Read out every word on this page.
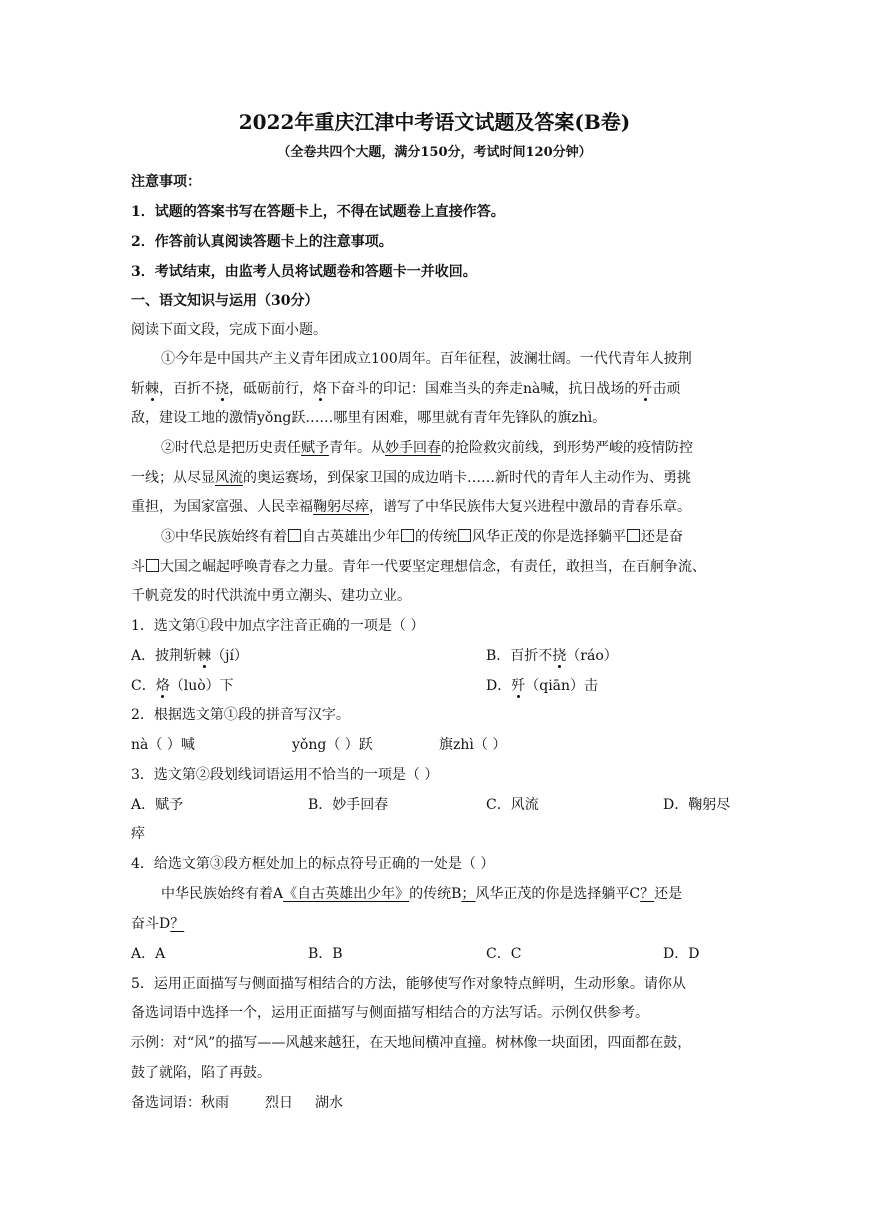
2022年重庆江津中考语文试题及答案(B卷)
（全卷共四个大题，满分150分，考试时间120分钟）
注意事项：
1．试题的答案书写在答题卡上，不得在试题卷上直接作答。
2．作答前认真阅读答题卡上的注意事项。
3．考试结束，由监考人员将试题卷和答题卡一并收回。
一、语文知识与运用（30分）
阅读下面文段，完成下面小题。
①今年是中国共产主义青年团成立100周年。百年征程，波澜壮阔。一代代青年人披荆
斩棘，百折不挠，砥砺前行，烙下奋斗的印记：国难当头的奔走nà喊，抗日战场的歼击顽
敌，建设工地的激情yǒng跃……哪里有困难，哪里就有青年先锋队的旗zhì。
②时代总是把历史责任赋予青年。从妙手回春的抢险救灾前线，到形势严峻的疫情防控
一线；从尽显风流的奥运赛场，到保家卫国的成边哨卡……新时代的青年人主动作为、勇挑
重担，为国家富强、人民幸福鞠躬尽瘁，谱写了中华民族伟大复兴进程中激昂的青春乐章。
③中华民族始终有着 自古英雄出少年 的传统 风华正茂的你是选择躺平 还是奋
斗 大国之崛起呼唤青春之力量。青年一代要坚定理想信念，有责任，敢担当，在百舸争流、
千帆竞发的时代洪流中勇立潮头、建功立业。
1．选文第①段中加点字注音正确的一项是（ ）
A．披荆斩棘（jí）	B．百折不挠（ráo）
C．烙（luò）下	D．歼（qiān）击
2．根据选文第①段的拼音写汉字。
nà（ ）喊	yǒng（ ）跃	旗zhì（ ）
3．选文第②段划线词语运用不恰当的一项是（ ）
A．赋予	B．妙手回春	C．风流	D．鞠躬尽
瘁
4．给选文第③段方框处加上的标点符号正确的一处是（ ）
中华民族始终有着A《自古英雄出少年》的传统B；风华正茂的你是选择躺平C？还是
奋斗D？
A．A	B．B	C．C	D．D
5．运用正面描写与侧面描写相结合的方法，能够使写作对象特点鲜明，生动形象。请你从
备选词语中选择一个，运用正面描写与侧面描写相结合的方法写话。示例仅供参考。
示例：对“风”的描写——风越来越狂，在天地间横冲直撞。树林像一块面团，四面都在鼓，
鼓了就陷，陷了再鼓。
备选词语：秋雨	烈日 湖水
